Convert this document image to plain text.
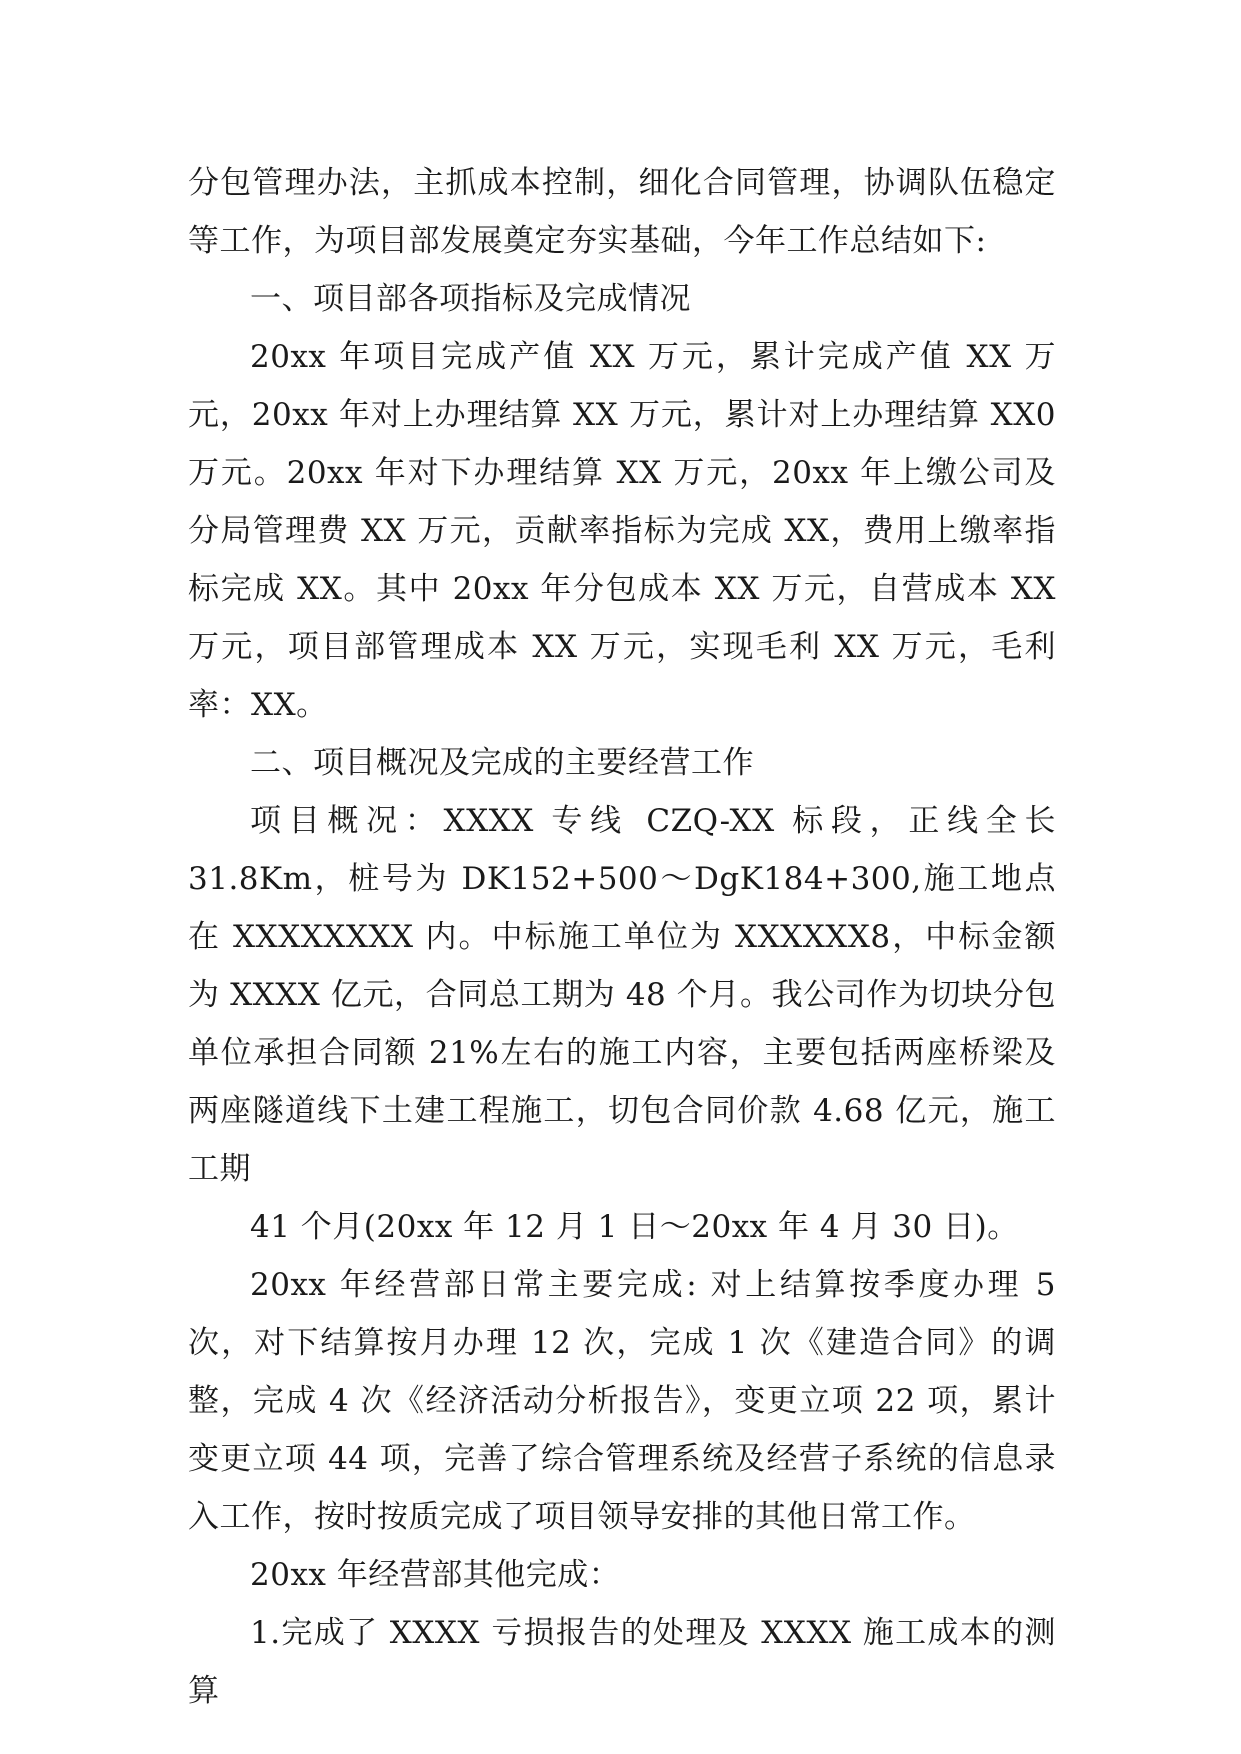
分包管理办法，主抓成本控制，细化合同管理，协调队伍稳定等工作，为项目部发展奠定夯实基础，今年工作总结如下:

一、项目部各项指标及完成情况

20xx 年项目完成产值 XX 万元，累计完成产值 XX 万元，20xx 年对上办理结算 XX 万元，累计对上办理结算 XX0 万元。20xx 年对下办理结算 XX 万元，20xx 年上缴公司及分局管理费 XX 万元，贡献率指标为完成 XX，费用上缴率指标完成 XX。其中 20xx 年分包成本 XX 万元，自营成本 XX 万元，项目部管理成本 XX 万元，实现毛利 XX 万元，毛利率：XX。

二、项目概况及完成的主要经营工作

项目概况：XXXX 专线 CZQ-XX 标段，正线全长 31.8Km，桩号为 DK152+500～DgK184+300,施工地点在 XXXXXXXX 内。中标施工单位为 XXXXXX8，中标金额为 XXXX 亿元，合同总工期为 48 个月。我公司作为切块分包单位承担合同额 21%左右的施工内容，主要包括两座桥梁及两座隧道线下土建工程施工，切包合同价款 4.68 亿元，施工工期

41 个月(20xx 年 12 月 1 日～20xx 年 4 月 30 日)。

20xx 年经营部日常主要完成: 对上结算按季度办理 5 次，对下结算按月办理 12 次，完成 1 次《建造合同》的调整，完成 4 次《经济活动分析报告》，变更立项 22 项，累计变更立项 44 项，完善了综合管理系统及经营子系统的信息录入工作，按时按质完成了项目领导安排的其他日常工作。

20xx 年经营部其他完成：

1.完成了 XXXX 亏损报告的处理及 XXXX 施工成本的测算
